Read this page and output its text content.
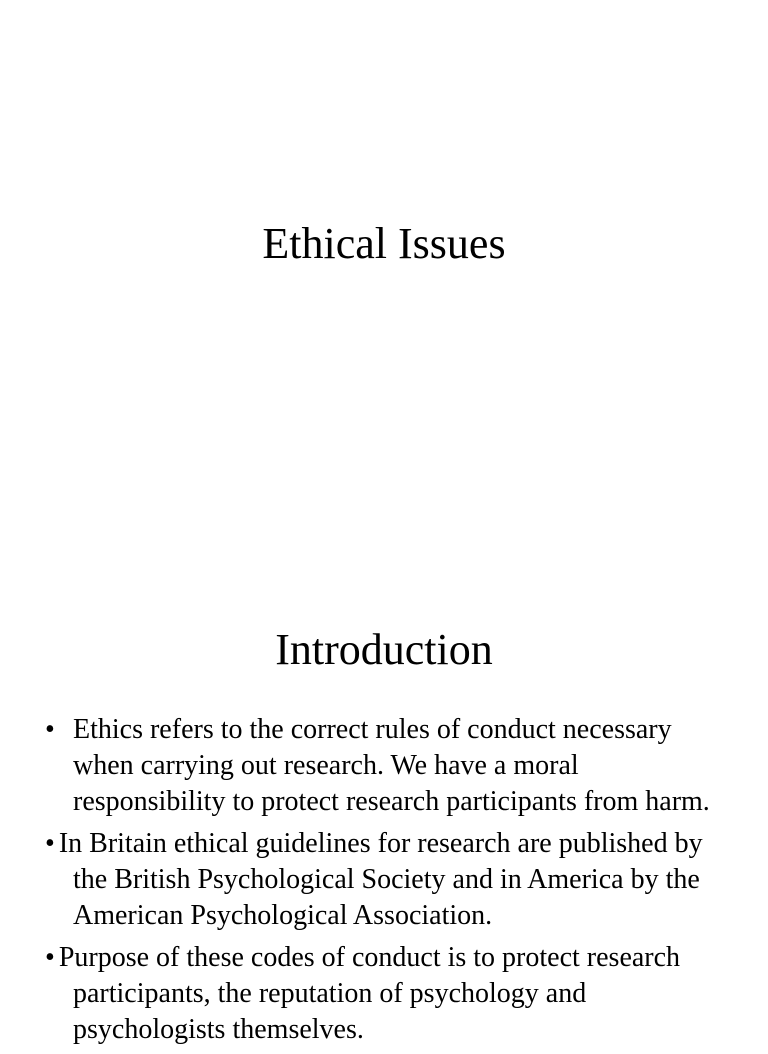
Ethical Issues
Introduction
• Ethics refers to the correct rules of conduct necessary when carrying out research. We have a moral responsibility to protect research participants from harm.
• In Britain ethical guidelines for research are published by the British Psychological Society and in America by the American Psychological Association.
• Purpose of these codes of conduct is to protect research participants, the reputation of psychology and psychologists themselves.
